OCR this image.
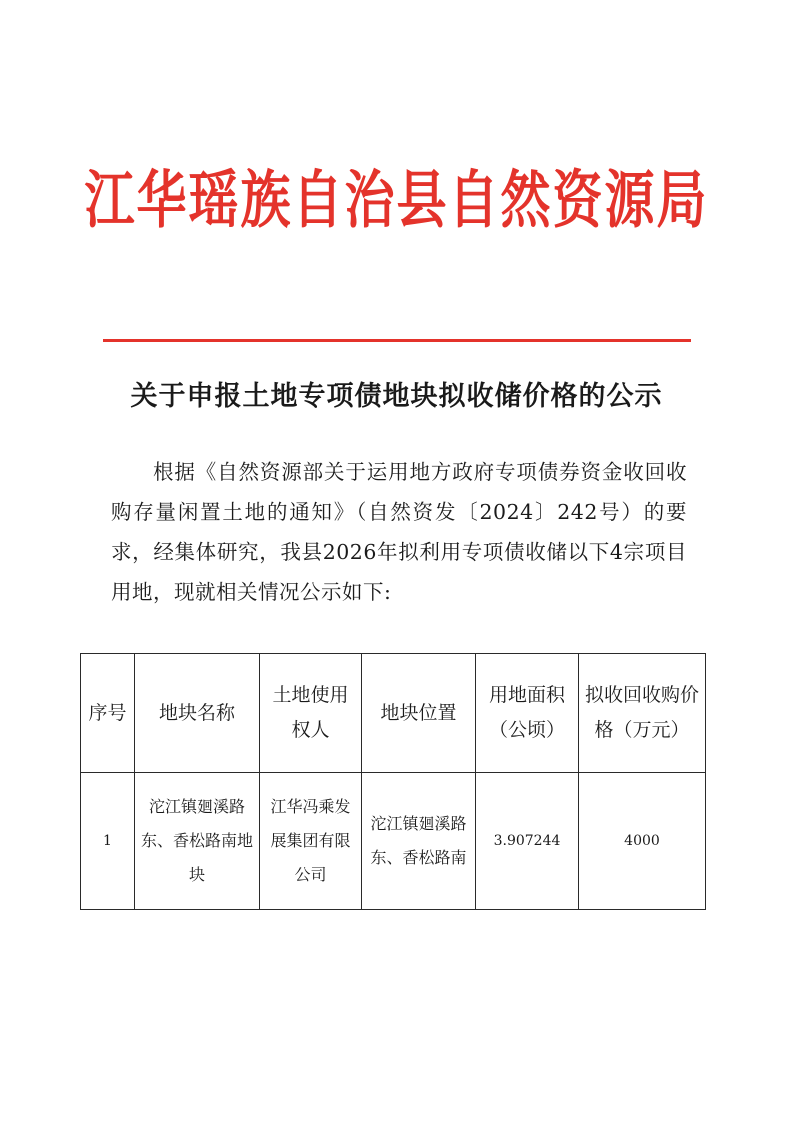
江华瑶族自治县自然资源局
关于申报土地专项债地块拟收储价格的公示

根据《自然资源部关于运用地方政府专项债券资金收回收购存量闲置土地的通知》（自然资发〔2024〕242号）的要求，经集体研究，我县2026年拟利用专项债收储以下4宗项目用地，现就相关情况公示如下:

序号	地块名称	土地使用权人	地块位置	用地面积（公顷）	拟收回收购价格（万元）
1	沱江镇廻溪路东、香松路南地块	江华冯乘发展集团有限公司	沱江镇廻溪路东、香松路南	3.907244	4000
